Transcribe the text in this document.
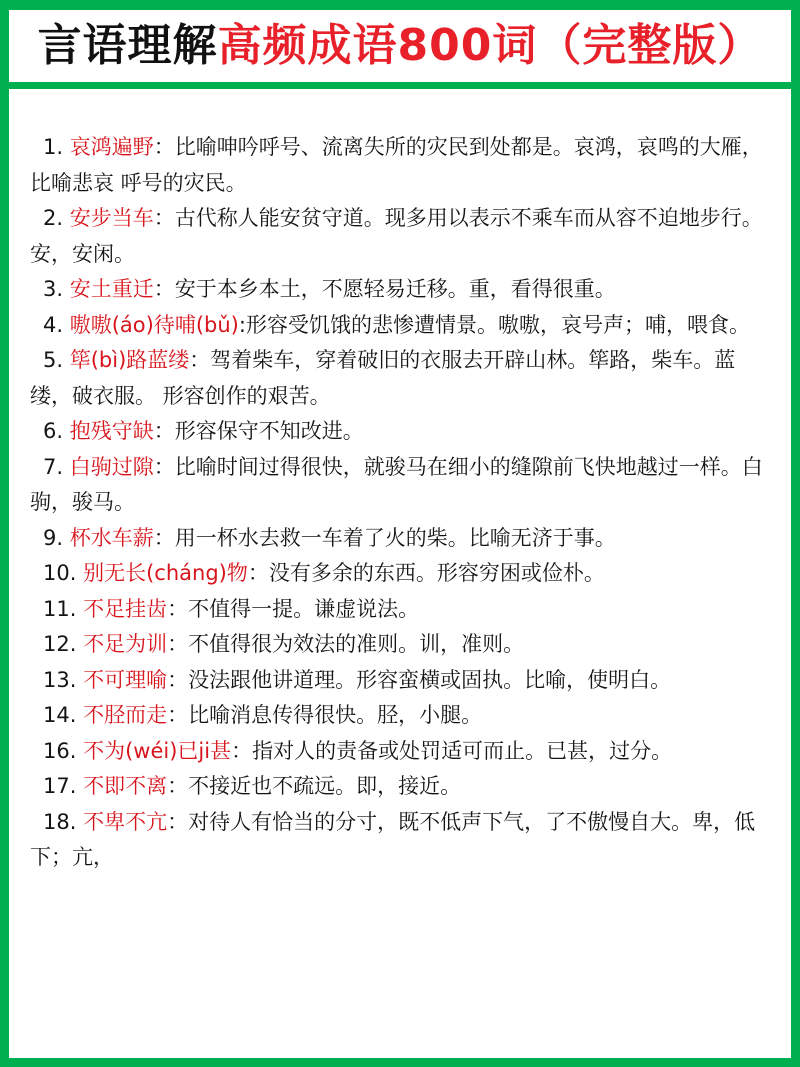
言语理解 高频成语800词 （完整版）

1. 哀鸿遍野：比喻呻吟呼号、流离失所的灾民到处都是。哀鸿，哀鸣的大雁，比喻悲哀 呼号的灾民。

2. 安步当车：古代称人能安贫守道。现多用以表示不乘车而从容不迫地步行。安，安闲。

3. 安土重迁：安于本乡本土，不愿轻易迁移。重，看得很重。

4. 嗷嗷(áo)待哺(bǔ):形容受饥饿的悲惨遭情景。嗷嗷，哀号声；哺，喂食。

5. 筚(bì)路蓝缕：驾着柴车，穿着破旧的衣服去开辟山林。筚路，柴车。蓝缕，破衣服。 形容创作的艰苦。

6. 抱残守缺：形容保守不知改进。

7. 白驹过隙：比喻时间过得很快，就骏马在细小的缝隙前飞快地越过一样。白驹，骏马。

9. 杯水车薪：用一杯水去救一车着了火的柴。比喻无济于事。

10. 别无长(cháng)物：没有多余的东西。形容穷困或俭朴。

11. 不足挂齿：不值得一提。谦虚说法。

12. 不足为训：不值得很为效法的准则。训，准则。

13. 不可理喻：没法跟他讲道理。形容蛮横或固执。比喻，使明白。

14. 不胫而走：比喻消息传得很快。胫，小腿。

16. 不为(wéi)已ji甚：指对人的责备或处罚适可而止。已甚，过分。

17. 不即不离：不接近也不疏远。即，接近。

18. 不卑不亢：对待人有恰当的分寸，既不低声下气，了不傲慢自大。卑，低下；亢，
